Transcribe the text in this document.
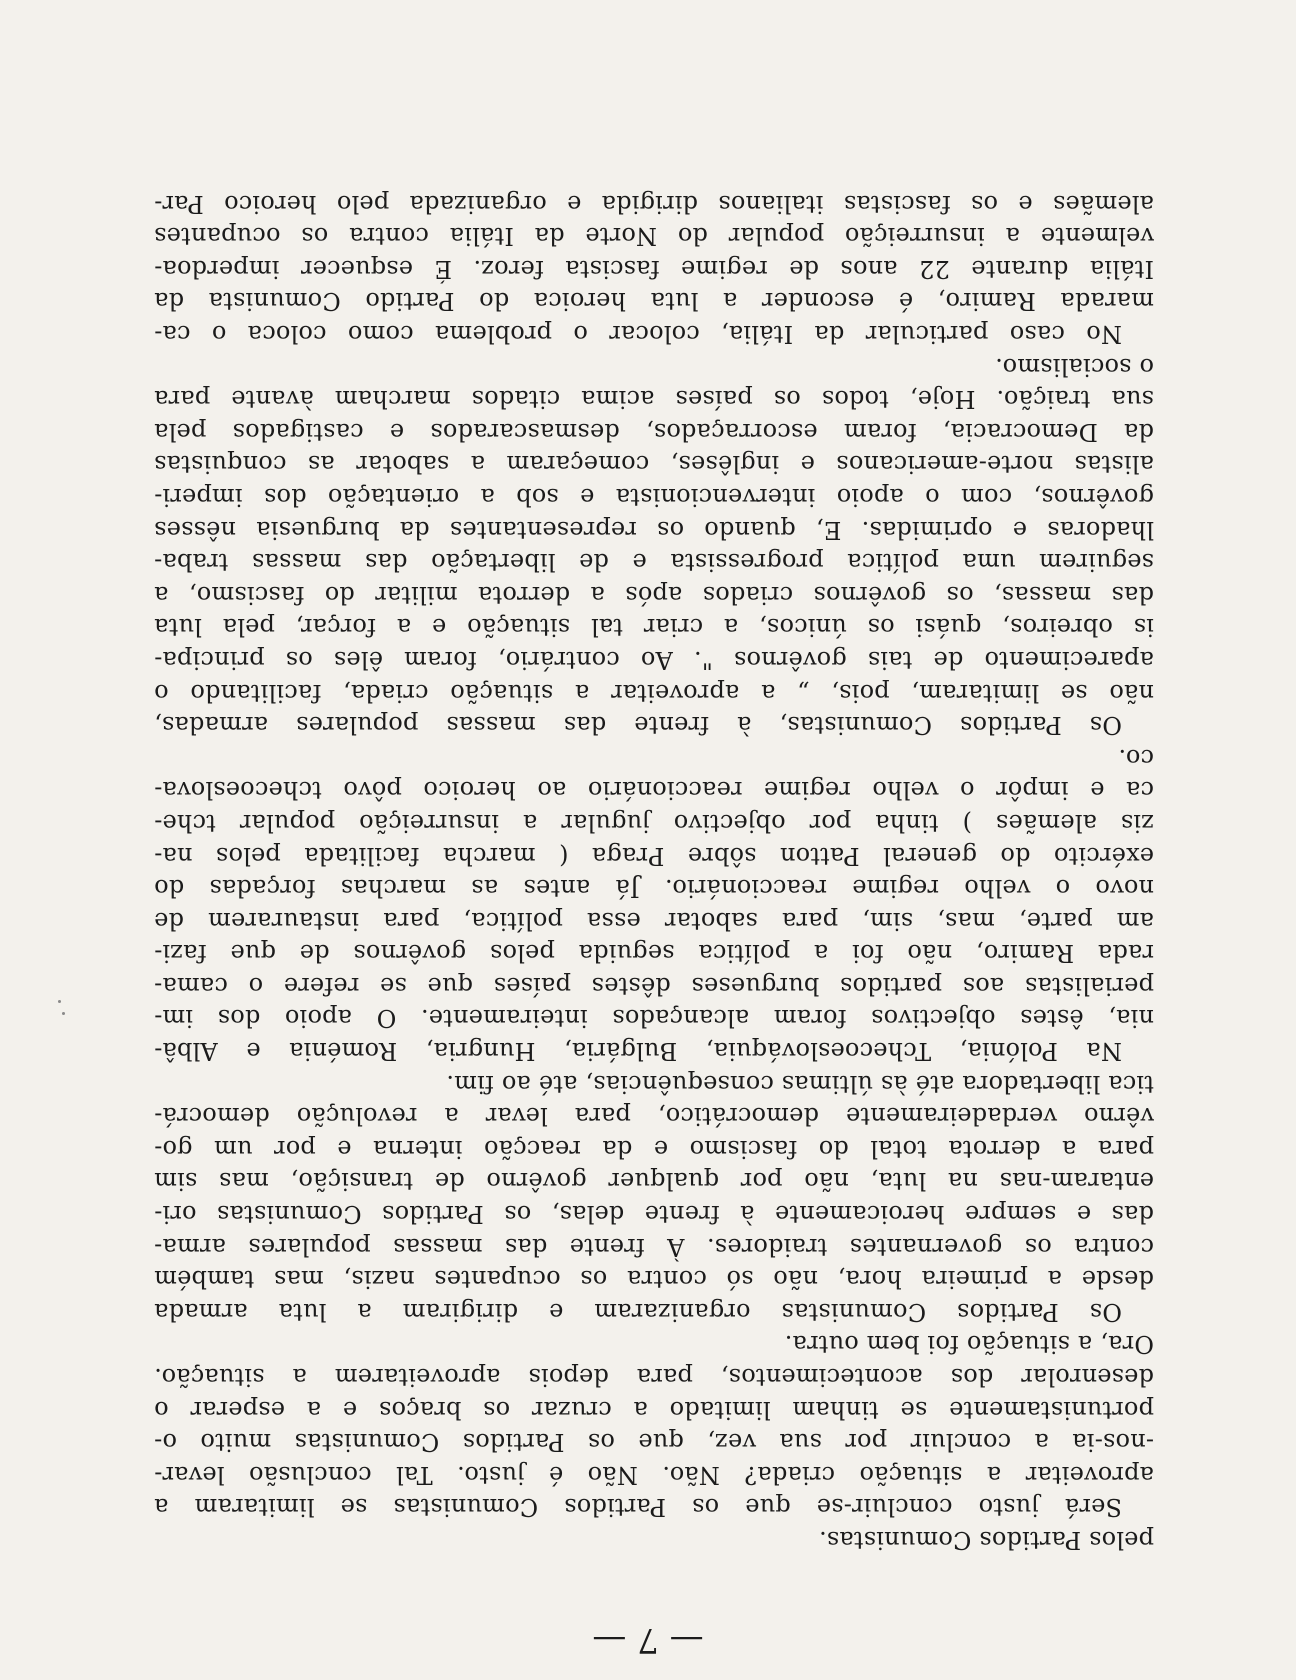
— 7 —
pelos Partidos Comunistas.
Será justo concluir-se que os Partidos Comunistas se limitaram a
aproveitar a situação criada? Não. Não é justo. Tal conclusão levar-
-nos-ia a concluir por sua vez, que os Partidos Comunistas muito o-
portunistamente se tinham limitado a cruzar os braços e a esperar o
desenrolar dos acontecimentos, para depois aproveitarem a situação.
Ora, a situação foi bem outra.
Os Partidos Comunistas organizaram e dirigiram a luta armada
desde a primeira hora, não só contra os ocupantes nazis, mas também
contra os governantes traidores. À frente das massas populares arma-
das e sempre heroicamente à frente delas, os Partidos Comunistas ori-
entaram-nas na luta, não por qualquer govêrno de transição, mas sim
para a derrota total do fascismo e da reacção interna e por um go-
vêrno verdadeiramente democrático, para levar a revolução democrá-
tica libertadora até às últimas consequências, até ao fim.
Na Polónia, Tchecoeslováquia, Bulgária, Hungria, Roménia e Albâ-
nia, êstes objectivos foram alcançados inteiramente. O apoio dos im-
perialistas aos partidos burgueses dêstes países que se refere o cama-
rada Ramiro, não foi a política seguida pelos govêrnos de que fazi-
am parte, mas, sim, para sabotar essa política, para instaurarem de
novo o velho regime reaccionário. Já antes as marchas forçadas do
exército do general Patton sôbre Praga ( marcha facilitada pelos na-
zis alemães ) tinha por objectivo jugular a insurreição popular tche-
ca e impôr o velho regime reaccionário ao heroico pôvo tchecoeslova-
co.
Os Partidos Comunistas, à frente das massas populares armadas,
não se limitaram, pois, „ a aproveitar a situação criada, facilitando o
aparecimento de tais govêrnos ". Ao contrário, foram êles os principa-
is obreiros, quási os únicos, a criar tal situação e a forçar, pela luta
das massas, os govêrnos criados após a derrota militar do fascismo, a
seguirem uma política progressista e de libertação das massas traba-
lhadoras e oprimidas. E, quando os representantes da burguesia nêsses
govêrnos, com o apoio intervencionista e sob a orientação dos imperi-
alistas norte-americanos e inglêses, começaram a sabotar as conquistas
da Democracia, foram escorraçados, desmascarados e castigados pela
sua traição. Hoje, todos os países acima citados marcham àvante para
o socialismo.
No caso particular da Itália, colocar o problema como coloca o ca-
marada Ramiro, é esconder a luta heroica do Partido Comunista da
Itália durante 22 anos de regime fascista feroz. É esquecer imperdoa-
velmente a insurreição popular do Norte da Itália contra os ocupantes
alemães e os fascistas italianos dirigida e organizada pelo heroico Par-
